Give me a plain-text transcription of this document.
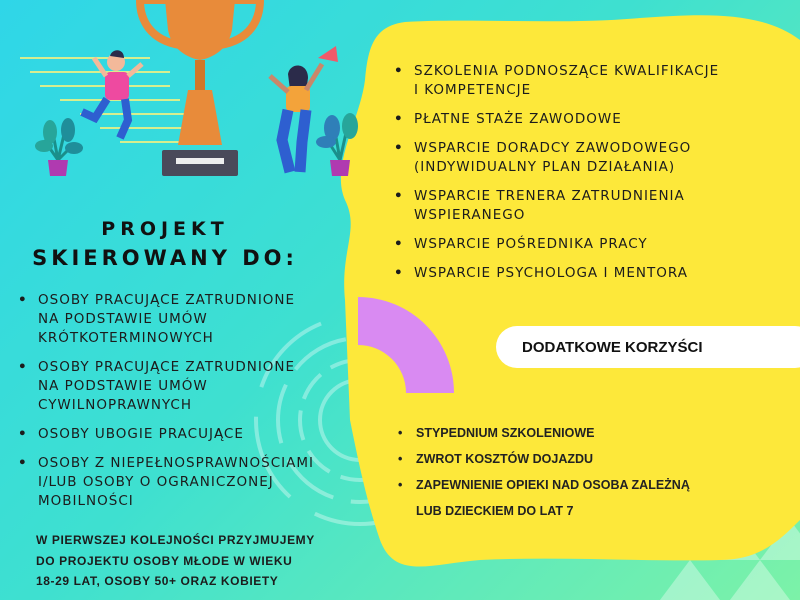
PROJEKT
SKIEROWANY DO:
• OSOBY PRACUJĄCE ZATRUDNIONE
NA PODSTAWIE UMÓW
KRÓTKOTERMINOWYCH
• OSOBY PRACUJĄCE ZATRUDNIONE
NA PODSTAWIE UMÓW
CYWILNOPRAWNYCH
• OSOBY UBOGIE PRACUJĄCE
• OSOBY Z NIEPEŁNOSPRAWNOŚCIAMI
I/LUB OSOBY O OGRANICZONEJ
MOBILNOŚCI
W PIERWSZEJ KOLEJNOŚCI PRZYJMUJEMY
DO PROJEKTU OSOBY MŁODE W WIEKU
18-29 LAT, OSOBY 50+ ORAZ KOBIETY
• SZKOLENIA PODNOSZĄCE KWALIFIKACJE
I KOMPETENCJE
• PŁATNE STAŻE ZAWODOWE
• WSPARCIE DORADCY ZAWODOWEGO
(INDYWIDUALNY PLAN DZIAŁANIA)
• WSPARCIE TRENERA ZATRUDNIENIA
WSPIERANEGO
• WSPARCIE POŚREDNIKA PRACY
• WSPARCIE PSYCHOLOGA I MENTORA
DODATKOWE KORZYŚCI
• STYPEDNIUM SZKOLENIOWE
• ZWROT KOSZTÓW DOJAZDU
• ZAPEWNIENIE OPIEKI NAD OSOBA ZALEŻNĄ
LUB DZIECKIEM DO LAT 7
